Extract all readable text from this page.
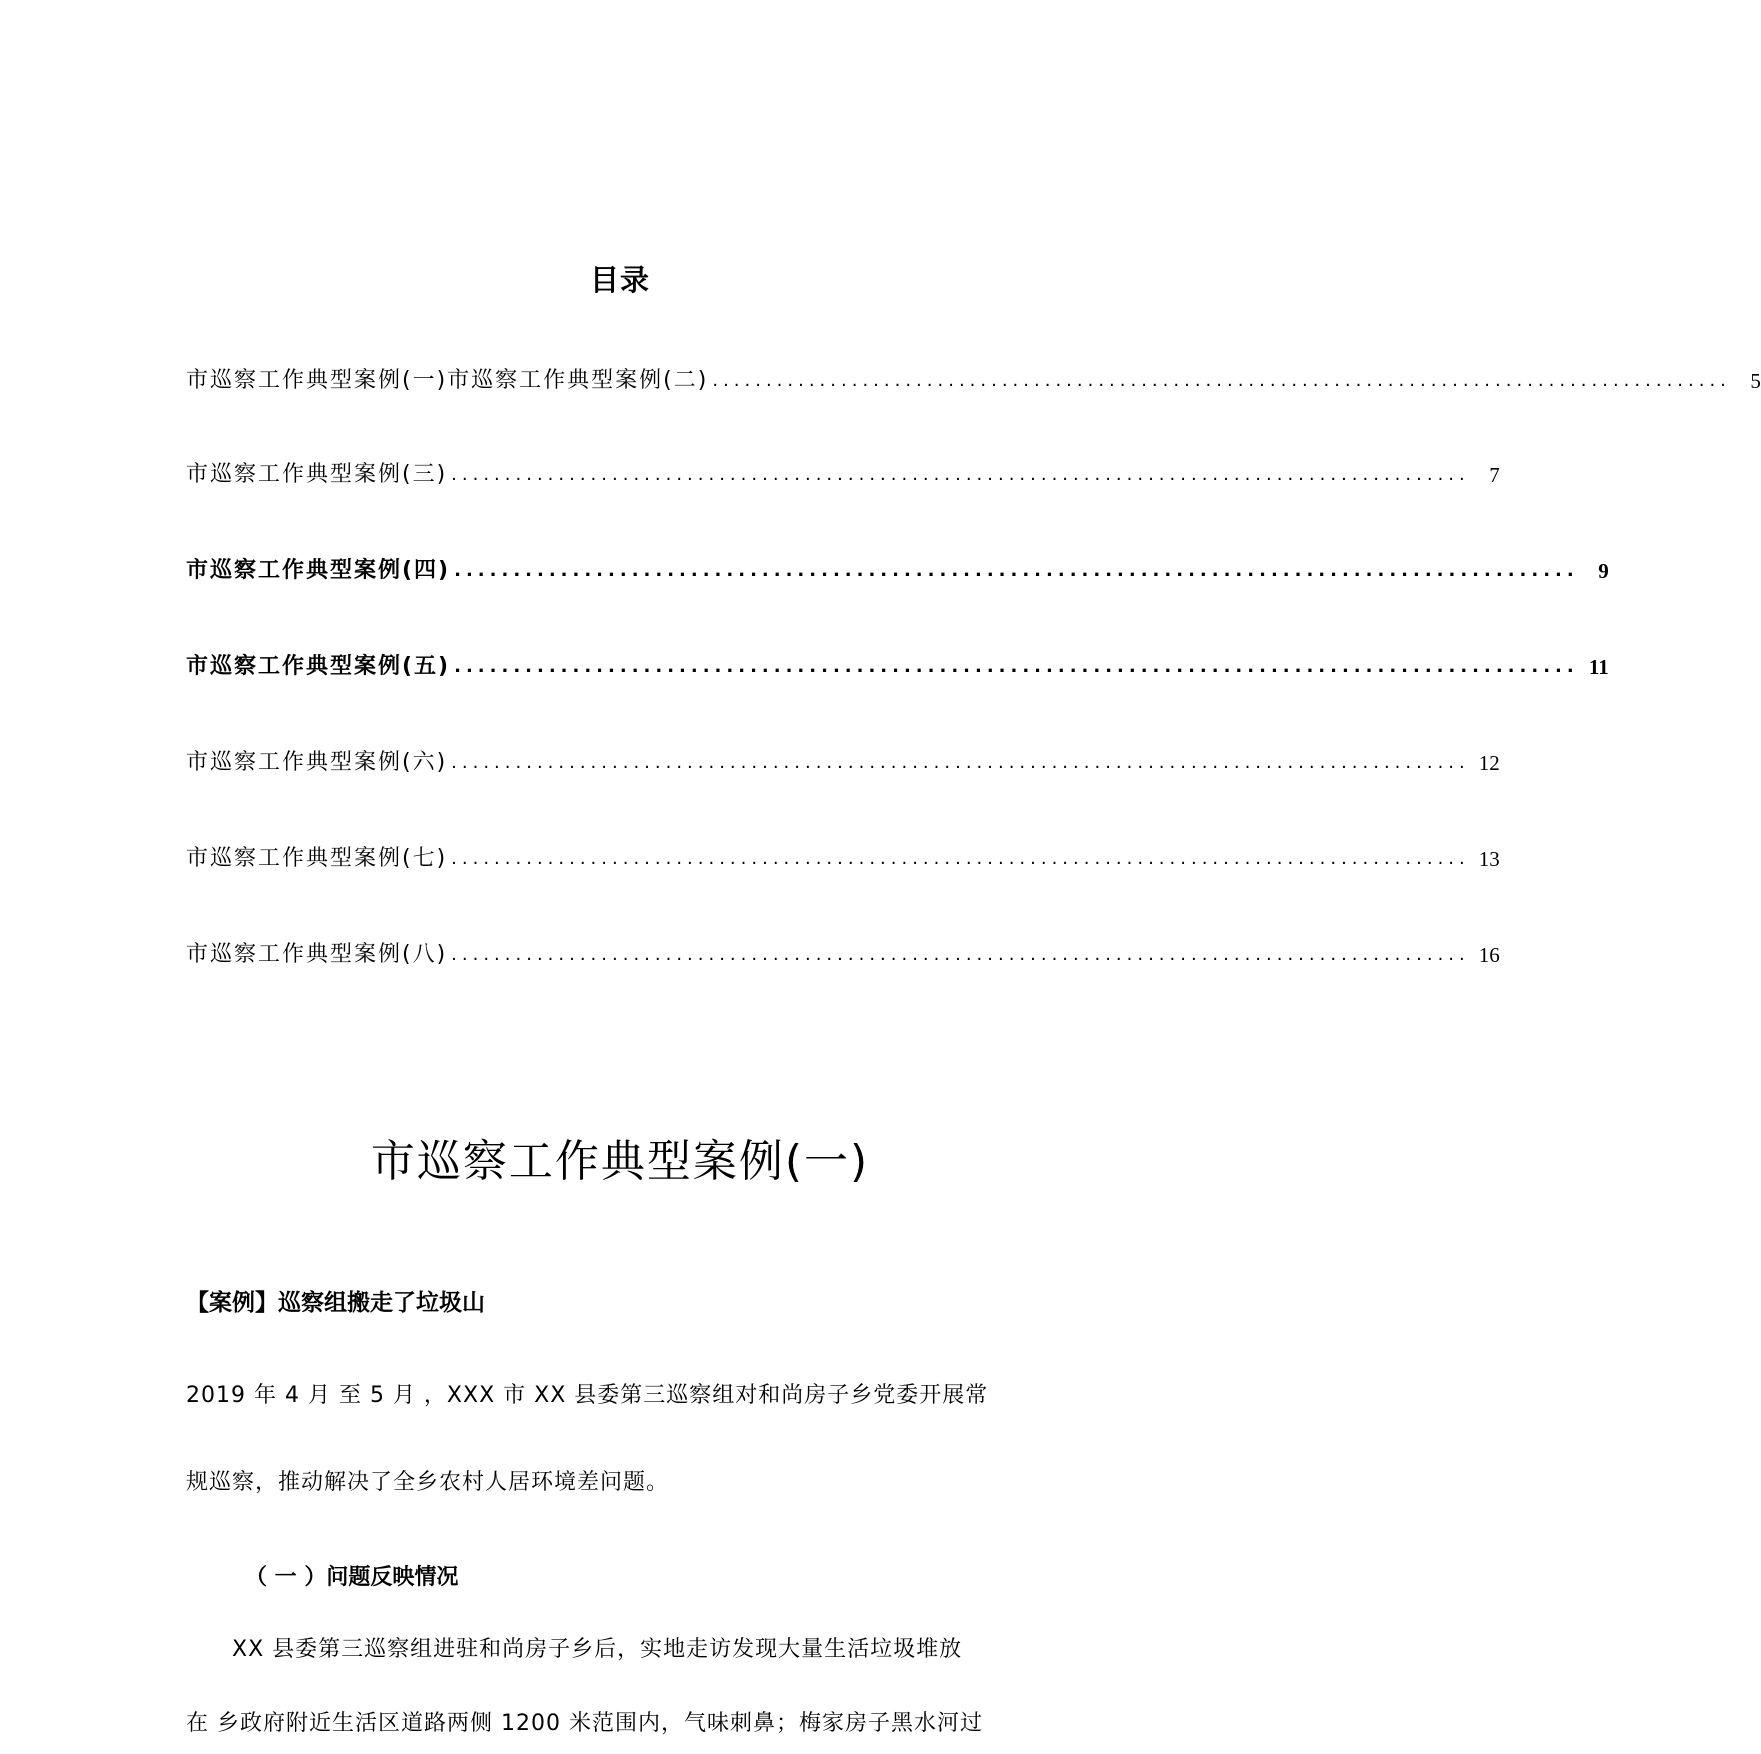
目录
市巡察工作典型案例(一)市巡察工作典型案例(二) ............................................................................................... 5
市巡察工作典型案例(三) ............................................................................................... 7
市巡察工作典型案例(四) ............................................................................................... 9
市巡察工作典型案例(五) ............................................................................................... 11
市巡察工作典型案例(六) ............................................................................................... 12
市巡察工作典型案例(七) ............................................................................................... 13
市巡察工作典型案例(八) ............................................................................................... 16
市巡察工作典型案例(一)
【案例】巡察组搬走了垃圾山
2019 年 4 月 至 5 月 ，XXX 市 XX 县委第三巡察组对和尚房子乡党委开展常
规巡察，推动解决了全乡农村人居环境差问题。
（ 一 ）问题反映情况
XX 县委第三巡察组进驻和尚房子乡后，实地走访发现大量生活垃圾堆放
在 乡政府附近生活区道路两侧 1200 米范围内，气味刺鼻；梅家房子黑水河过
